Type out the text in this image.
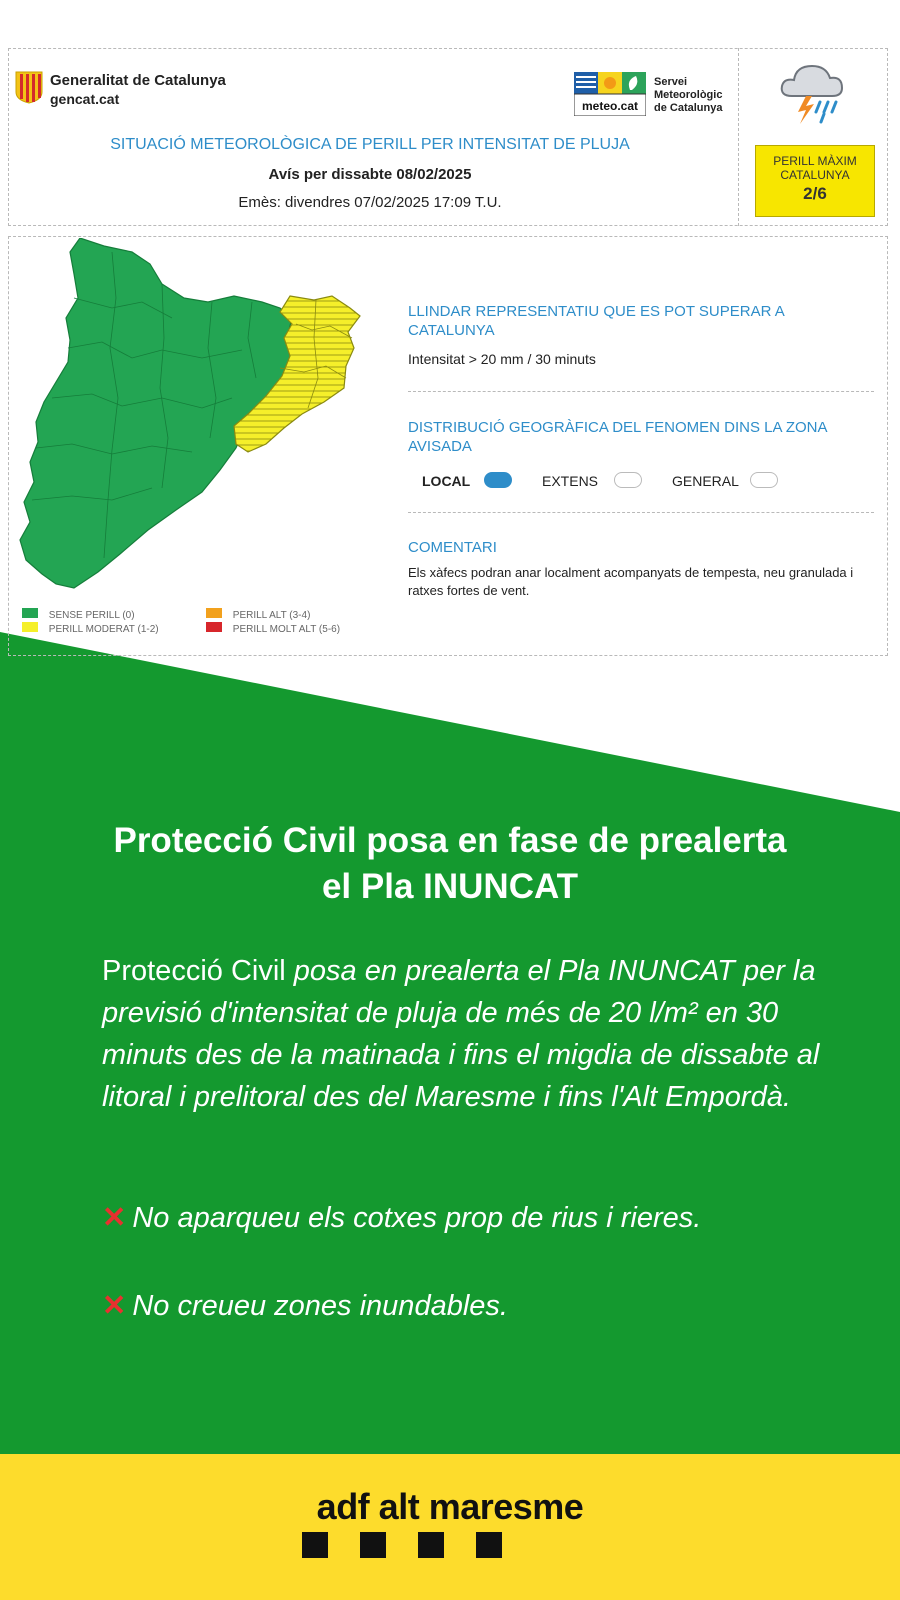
Generalitat de Catalunya
gencat.cat	meteo.cat
Servei
Meteorològic
de Catalunya
SITUACIÓ METEOROLÒGICA DE PERILL PER INTENSITAT DE PLUJA
Avís per dissabte 08/02/2025
Emès: divendres 07/02/2025 17:09 T.U.
PERILL MÀXIM
CATALUNYA
2/6
SENSE PERILL (0)
PERILL MODERAT (1-2)
PERILL ALT (3-4)
PERILL MOLT ALT (5-6)
LLINDAR REPRESENTATIU QUE ES POT SUPERAR A CATALUNYA
Intensitat > 20 mm / 30 minuts
DISTRIBUCIÓ GEOGRÀFICA DEL FENOMEN DINS LA ZONA AVISADA
LOCAL	EXTENS	GENERAL
COMENTARI
Els xàfecs podran anar localment acompanyats de tempesta, neu granulada i ratxes fortes de vent.
Protecció Civil posa en fase de prealerta el Pla INUNCAT
Protecció Civil posa en prealerta el Pla INUNCAT per la previsió d'intensitat de pluja de més de 20 l/m² en 30 minuts des de la matinada i fins el migdia de dissabte al litoral i prelitoral des del Maresme i fins l'Alt Empordà.
✕ No aparqueu els cotxes prop de rius i rieres.
✕ No creueu zones inundables.
adf alt maresme
